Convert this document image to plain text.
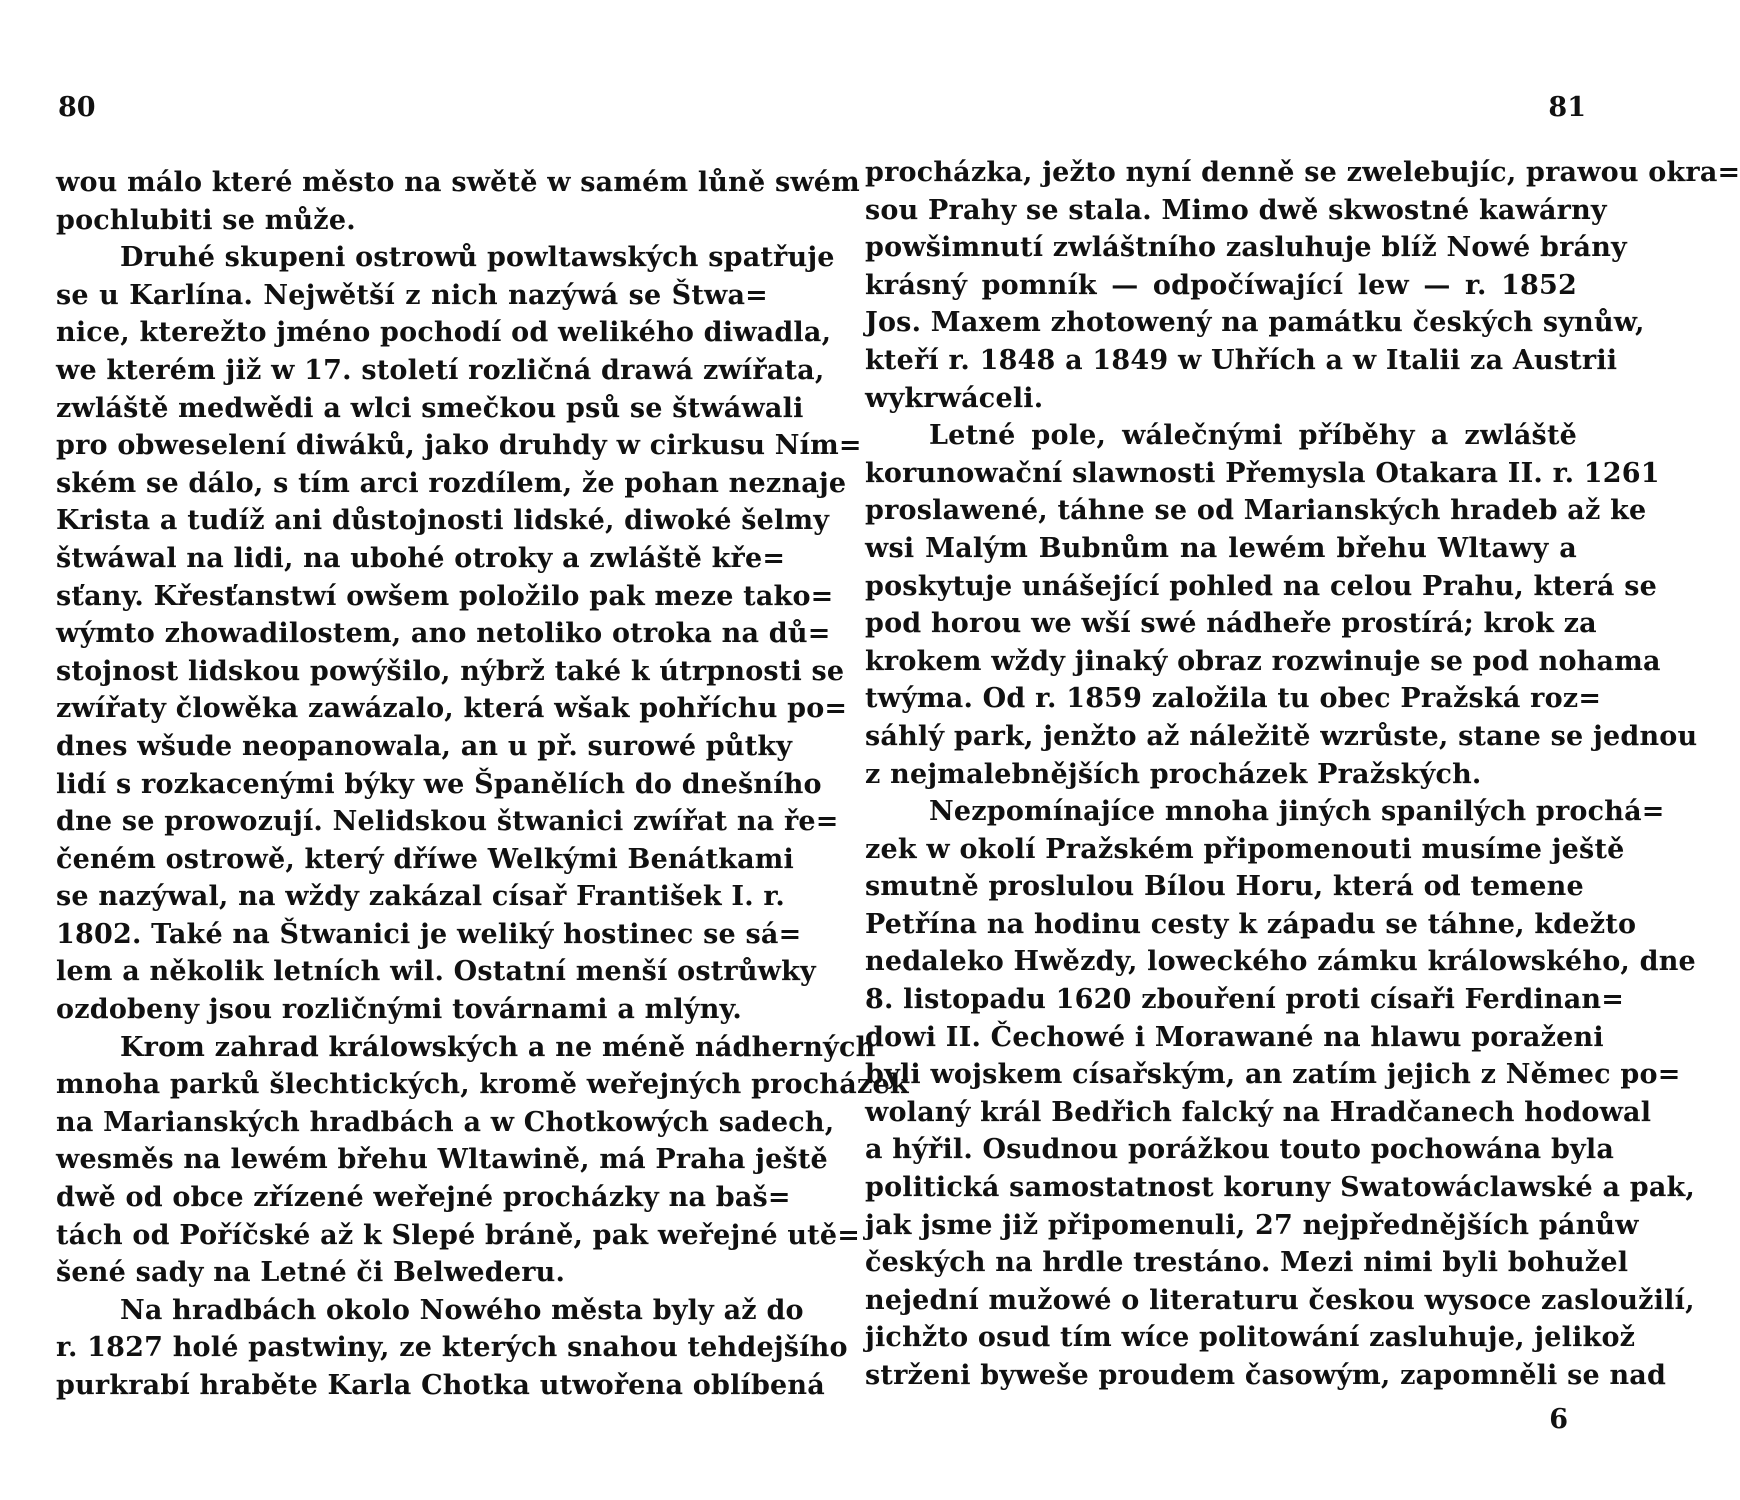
80
wou málo které město na swětě w samém lůně swém
pochlubiti se může.
Druhé skupeni ostrowů powltawských spatřuje
se u Karlína. Nejwětší z nich nazýwá se Štwa=
nice, kterežto jméno pochodí od welikého diwadla,
we kterém již w 17. století rozličná drawá zwířata,
zwláště medwědi a wlci smečkou psů se štwáwali
pro obweselení diwáků, jako druhdy w cirkusu Ním=
ském se dálo, s tím arci rozdílem, že pohan neznaje
Krista a tudíž ani důstojnosti lidské, diwoké šelmy
štwáwal na lidi, na ubohé otroky a zwláště kře=
sťany. Křesťanstwí owšem položilo pak meze tako=
wýmto zhowadilostem, ano netoliko otroka na dů=
stojnost lidskou powýšilo, nýbrž také k útrpnosti se
zwířaty člowěka zawázalo, která wšak pohříchu po=
dnes wšude neopanowala, an u př. surowé půtky
lidí s rozkacenými býky we Španělích do dnešního
dne se prowozují. Nelidskou štwanici zwířat na ře=
čeném ostrowě, který dříwe Welkými Benátkami
se nazýwal, na wždy zakázal císař František I. r.
1802. Také na Štwanici je weliký hostinec se sá=
lem a několik letních wil. Ostatní menší ostrůwky
ozdobeny jsou rozličnými továrnami a mlýny.
Krom zahrad králowských a ne méně nádherných
mnoha parků šlechtických, kromě weřejných procházek
na Marianských hradbách a w Chotkowých sadech,
wesměs na lewém břehu Wltawině, má Praha ještě
dwě od obce zřízené weřejné procházky na baš=
tách od Poříčské až k Slepé bráně, pak weřejné utě=
šené sady na Letné či Belwederu.
Na hradbách okolo Nowého města byly až do
r. 1827 holé pastwiny, ze kterých snahou tehdejšího
purkrabí hraběte Karla Chotka utwořena oblíbená
81
procházka, ježto nyní denně se zwelebujíc, prawou okra=
sou Prahy se stala. Mimo dwě skwostné kawárny
powšimnutí zwláštního zasluhuje blíž Nowé brány
krásný pomník — odpočíwající lew — r. 1852
Jos. Maxem zhotowený na památku českých synůw,
kteří r. 1848 a 1849 w Uhřích a w Italii za Austrii
wykrwáceli.
Letné pole, wálečnými příběhy a zwláště
korunowační slawnosti Přemysla Otakara II. r. 1261
proslawené, táhne se od Marianských hradeb až ke
wsi Malým Bubnům na lewém břehu Wltawy a
poskytuje unášející pohled na celou Prahu, která se
pod horou we wší swé nádheře prostírá; krok za
krokem wždy jinaký obraz rozwinuje se pod nohama
twýma. Od r. 1859 založila tu obec Pražská roz=
sáhlý park, jenžto až náležitě wzrůste, stane se jednou
z nejmalebnějších procházek Pražských.
Nezpomínajíce mnoha jiných spanilých prochá=
zek w okolí Pražském připomenouti musíme ještě
smutně proslulou Bílou Horu, která od temene
Petřína na hodinu cesty k západu se táhne, kdežto
nedaleko Hwězdy, loweckého zámku králowského, dne
8. listopadu 1620 zbouření proti císaři Ferdinan=
dowi II. Čechowé i Morawané na hlawu poraženi
byli wojskem císařským, an zatím jejich z Němec po=
wolaný král Bedřich falcký na Hradčanech hodowal
a hýřil. Osudnou porážkou touto pochowána byla
politická samostatnost koruny Swatowáclawské a pak,
jak jsme již připomenuli, 27 nejpřednějších pánůw
českých na hrdle trestáno. Mezi nimi byli bohužel
nejední mužowé o literaturu českou wysoce zasloužilí,
jichžto osud tím wíce politowání zasluhuje, jelikož
strženi byweše proudem časowým, zapomněli se nad
6
